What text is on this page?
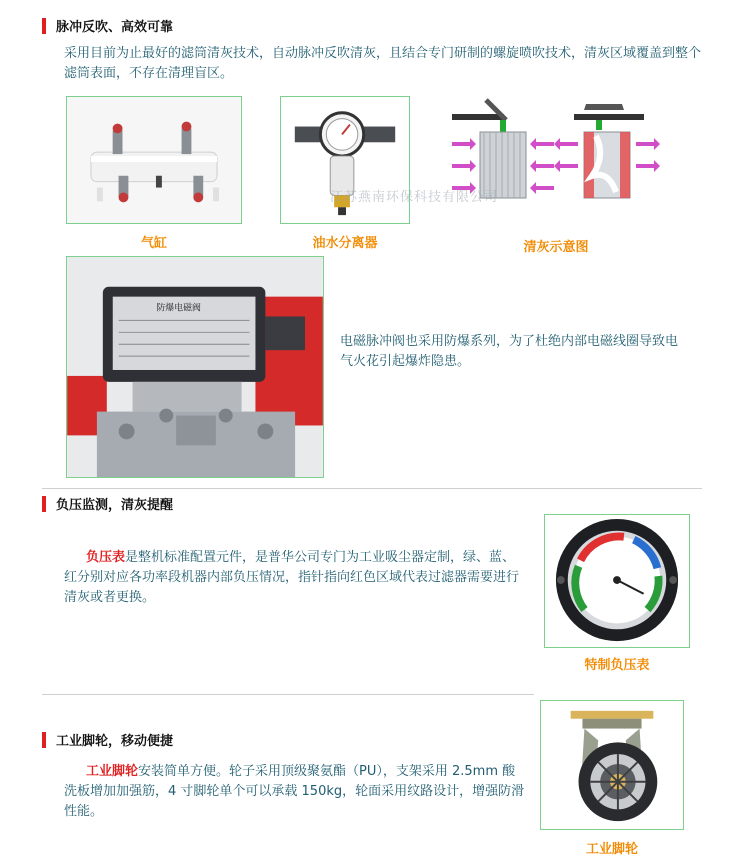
脉冲反吹、高效可靠

采用目前为止最好的滤筒清灰技术，自动脉冲反吹清灰，且结合专门研制的螺旋喷吹技术，清灰区域覆盖到整个滤筒表面，不存在清理盲区。

气缸	油水分离器	清灰示意图
江苏燕南环保科技有限公司
防爆电磁阀

电磁脉冲阀也采用防爆系列，为了杜绝内部电磁线圈导致电气火花引起爆炸隐患。

负压监测，清灰提醒

负压表是整机标准配置元件，是普华公司专门为工业吸尘器定制，绿、蓝、红分别对应各功率段机器内部负压情况，指针指向红色区域代表过滤器需要进行清灰或者更换。

特制负压表
工业脚轮，移动便捷

工业脚轮安装简单方便。轮子采用顶级聚氨酯（PU），支架采用 2.5mm 酸洗板增加加强筋，4 寸脚轮单个可以承载 150kg，轮面采用纹路设计，增强防滑性能。

工业脚轮
